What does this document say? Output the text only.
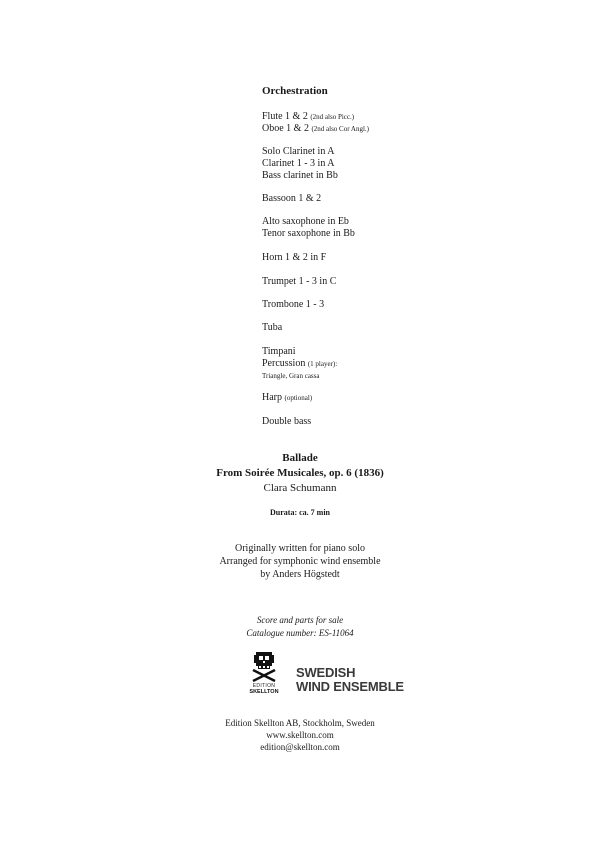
Orchestration
Flute 1 & 2 (2nd also Picc.)
Oboe 1 & 2 (2nd also Cor Angl.)
Solo Clarinet in A
Clarinet 1 - 3 in A
Bass clarinet in Bb
Bassoon 1 & 2
Alto saxophone in Eb
Tenor saxophone in Bb
Horn 1 & 2 in F
Trumpet 1 - 3 in C
Trombone 1 - 3
Tuba
Timpani
Percussion (1 player):
Triangle, Gran cassa
Harp (optional)
Double bass
Ballade
From Soirée Musicales, op. 6 (1836)
Clara Schumann
Durata: ca. 7 min
Originally written for piano solo
Arranged for symphonic wind ensemble
by Anders Högstedt
Score and parts for sale
Catalogue number: ES-11064
EDITION
SKELLTON
SWEDISH
WIND ENSEMBLE
Edition Skellton AB, Stockholm, Sweden
www.skellton.com
edition@skellton.com
